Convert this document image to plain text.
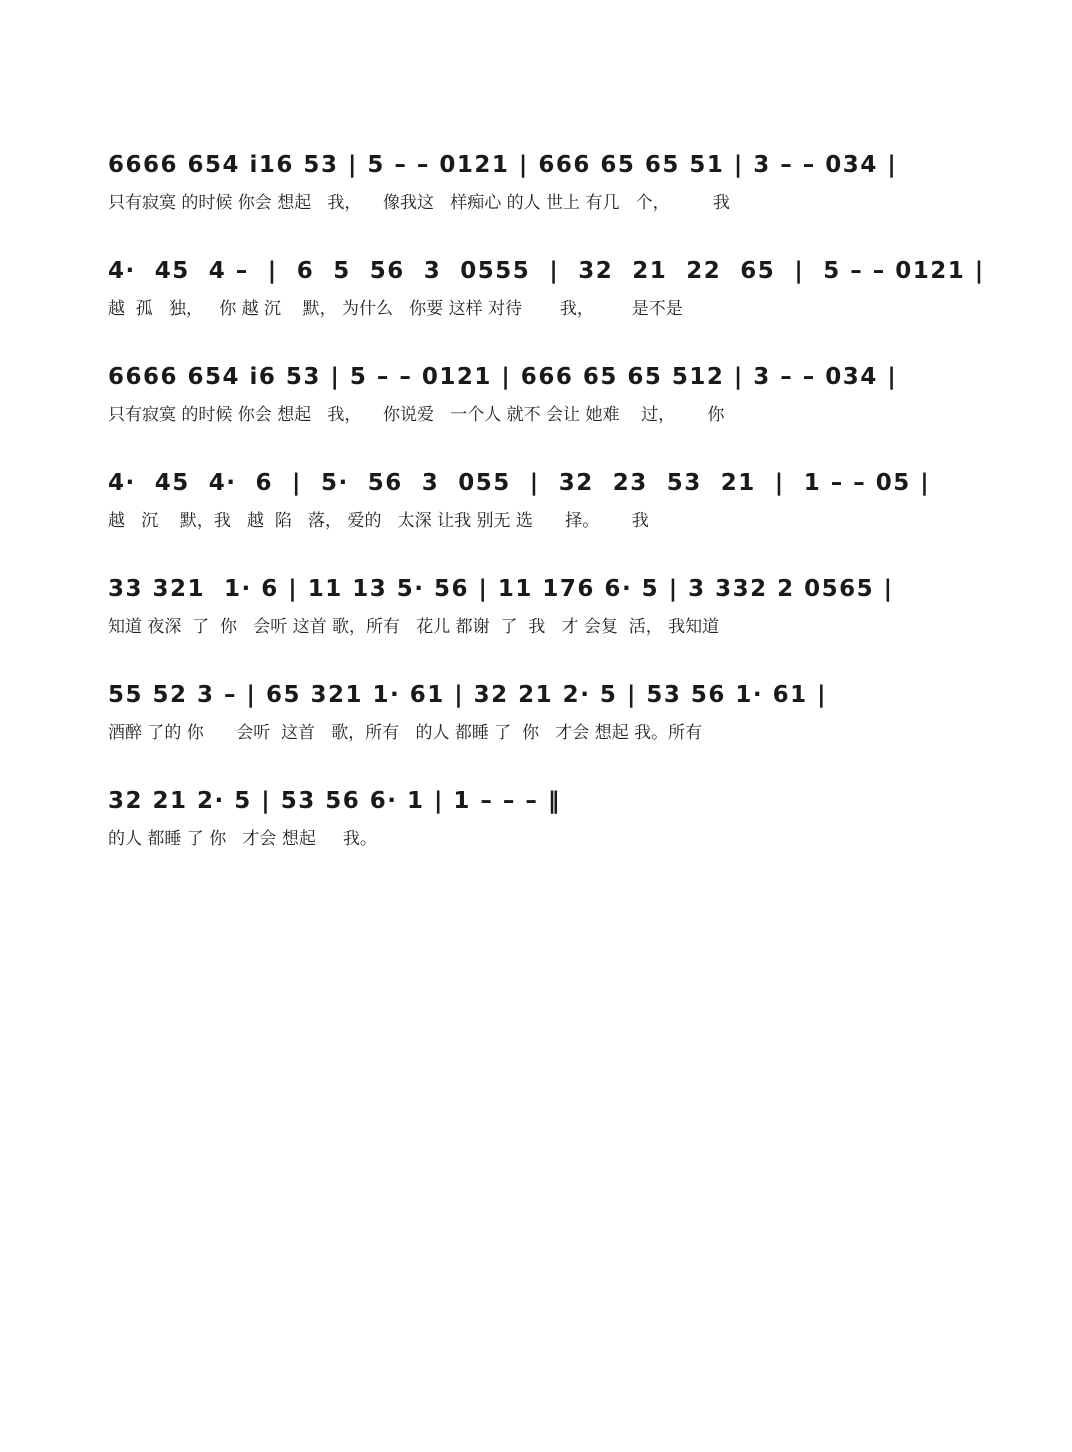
6666 654 i16 53 | 5 – – 0121 | 666 65 65 51 | 3 – – 034 |
只有寂寞 的时候 你会 想起   我，    像我这   样痴心 的人 世上 有几   个，        我
4·  45  4 –  |  6  5  56  3  0555  |  32  21  22  65  |  5 – – 0121 |
越  孤   独，   你 越 沉    默， 为什么   你要 这样 对待       我，       是不是
6666 654 i6 53 | 5 – – 0121 | 666 65 65 512 | 3 – – 034 |
只有寂寞 的时候 你会 想起   我，    你说爱   一个人 就不 会让 她难    过，      你
4·  45  4·  6  |  5·  56  3  055  |  32  23  53  21  |  1 – – 05 |
越   沉    默，我   越  陷   落， 爱的   太深 让我 别无 选      择。      我
33 321  1· 6 | 11 13 5· 56 | 11 176 6· 5 | 3 332 2 0565 |
知道 夜深  了  你   会听 这首 歌，所有   花儿 都谢  了  我   才 会复  活， 我知道
55 52 3 – | 65 321 1· 61 | 32 21 2· 5 | 53 56 1· 61 |
酒醉 了的 你      会听  这首   歌，所有   的人 都睡 了  你   才会 想起 我。所有
32 21 2· 5 | 53 56 6· 1 | 1 – – – ‖
的人 都睡 了 你   才会 想起     我。
